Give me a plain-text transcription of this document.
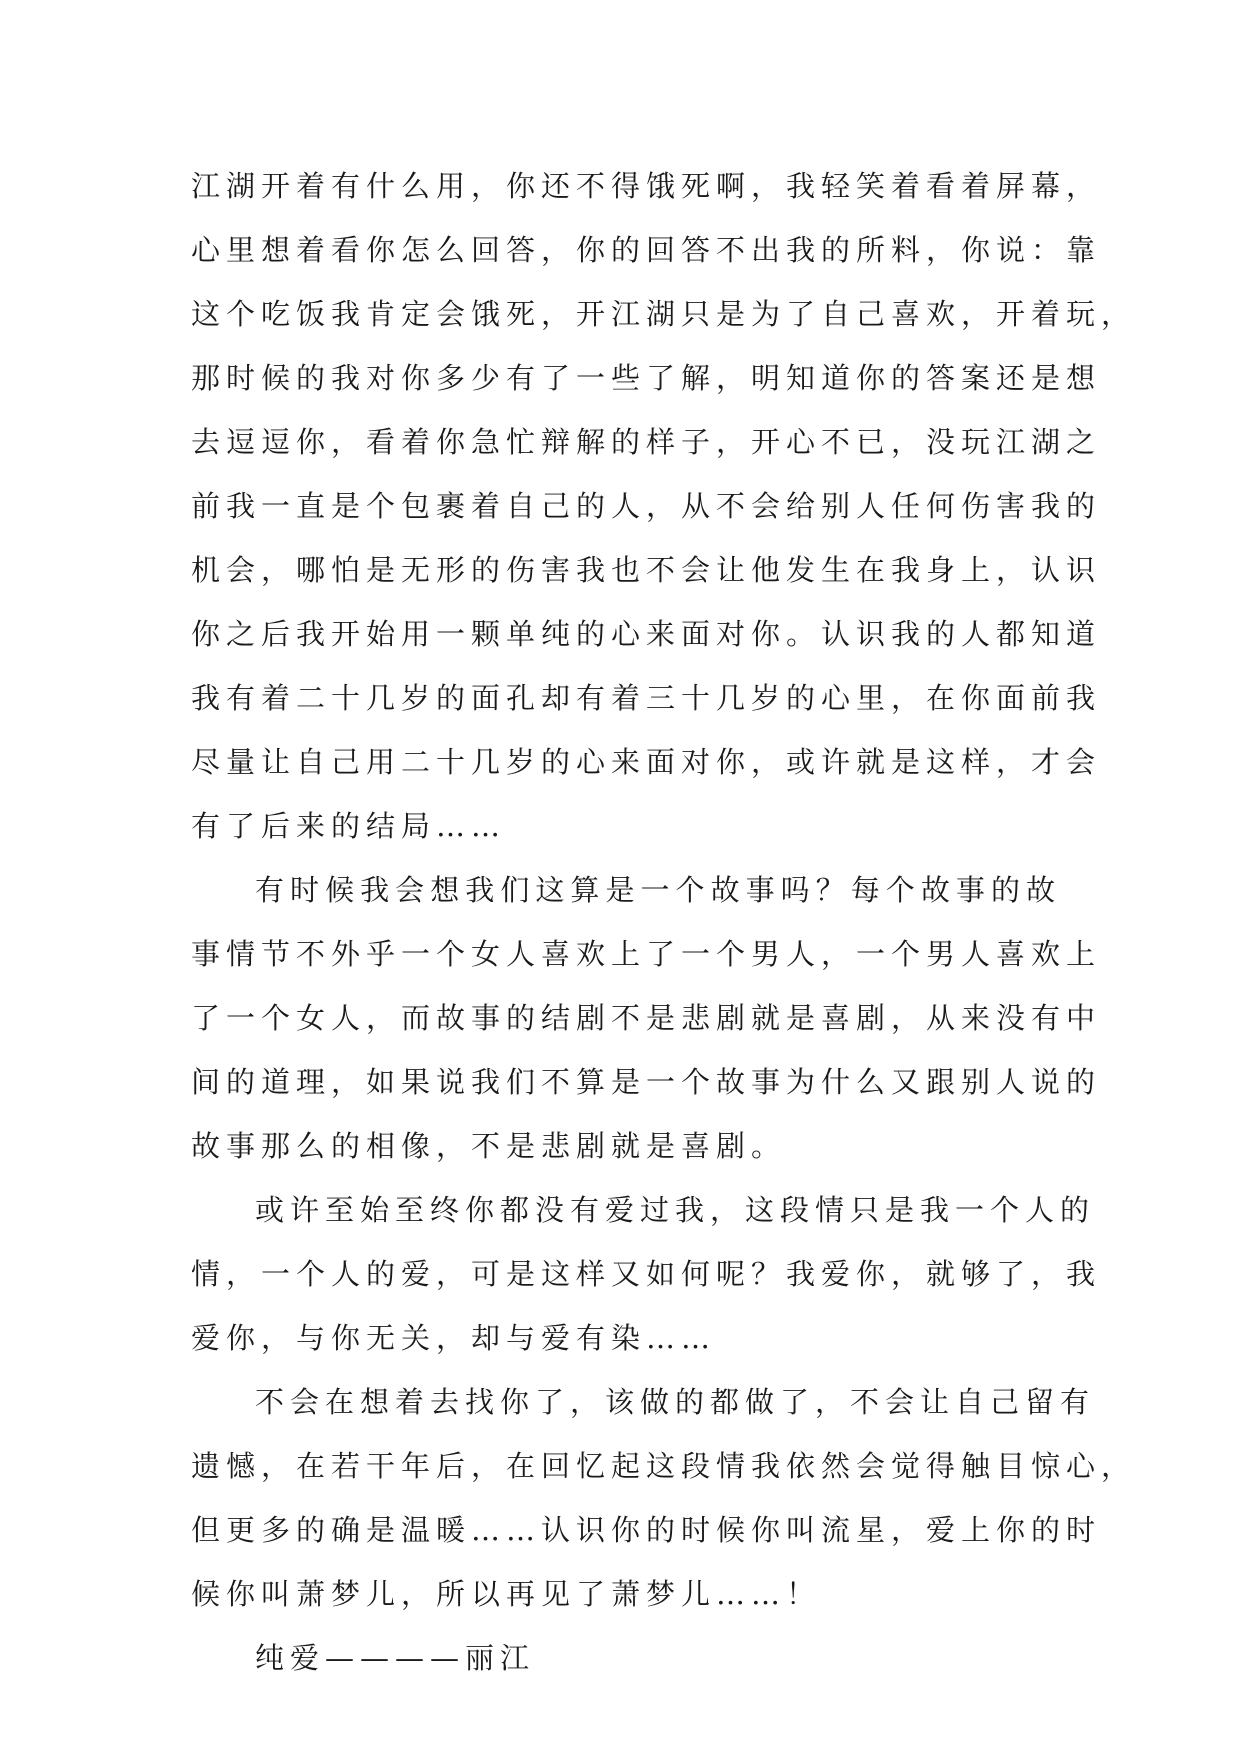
江湖开着有什么用，你还不得饿死啊，我轻笑着看着屏幕，
心里想着看你怎么回答，你的回答不出我的所料，你说：靠
这个吃饭我肯定会饿死，开江湖只是为了自己喜欢，开着玩，
那时候的我对你多少有了一些了解，明知道你的答案还是想
去逗逗你，看着你急忙辩解的样子，开心不已，没玩江湖之
前我一直是个包裹着自己的人，从不会给别人任何伤害我的
机会，哪怕是无形的伤害我也不会让他发生在我身上，认识
你之后我开始用一颗单纯的心来面对你。认识我的人都知道
我有着二十几岁的面孔却有着三十几岁的心里，在你面前我
尽量让自己用二十几岁的心来面对你，或许就是这样，才会
有了后来的结局……
有时候我会想我们这算是一个故事吗？每个故事的故
事情节不外乎一个女人喜欢上了一个男人，一个男人喜欢上
了一个女人，而故事的结剧不是悲剧就是喜剧，从来没有中
间的道理，如果说我们不算是一个故事为什么又跟别人说的
故事那么的相像，不是悲剧就是喜剧。
或许至始至终你都没有爱过我，这段情只是我一个人的
情，一个人的爱，可是这样又如何呢？我爱你，就够了，我
爱你，与你无关，却与爱有染……
不会在想着去找你了，该做的都做了，不会让自己留有
遗憾，在若干年后，在回忆起这段情我依然会觉得触目惊心，
但更多的确是温暖……认识你的时候你叫流星，爱上你的时
候你叫萧梦儿，所以再见了萧梦儿……！
纯爱————丽江
